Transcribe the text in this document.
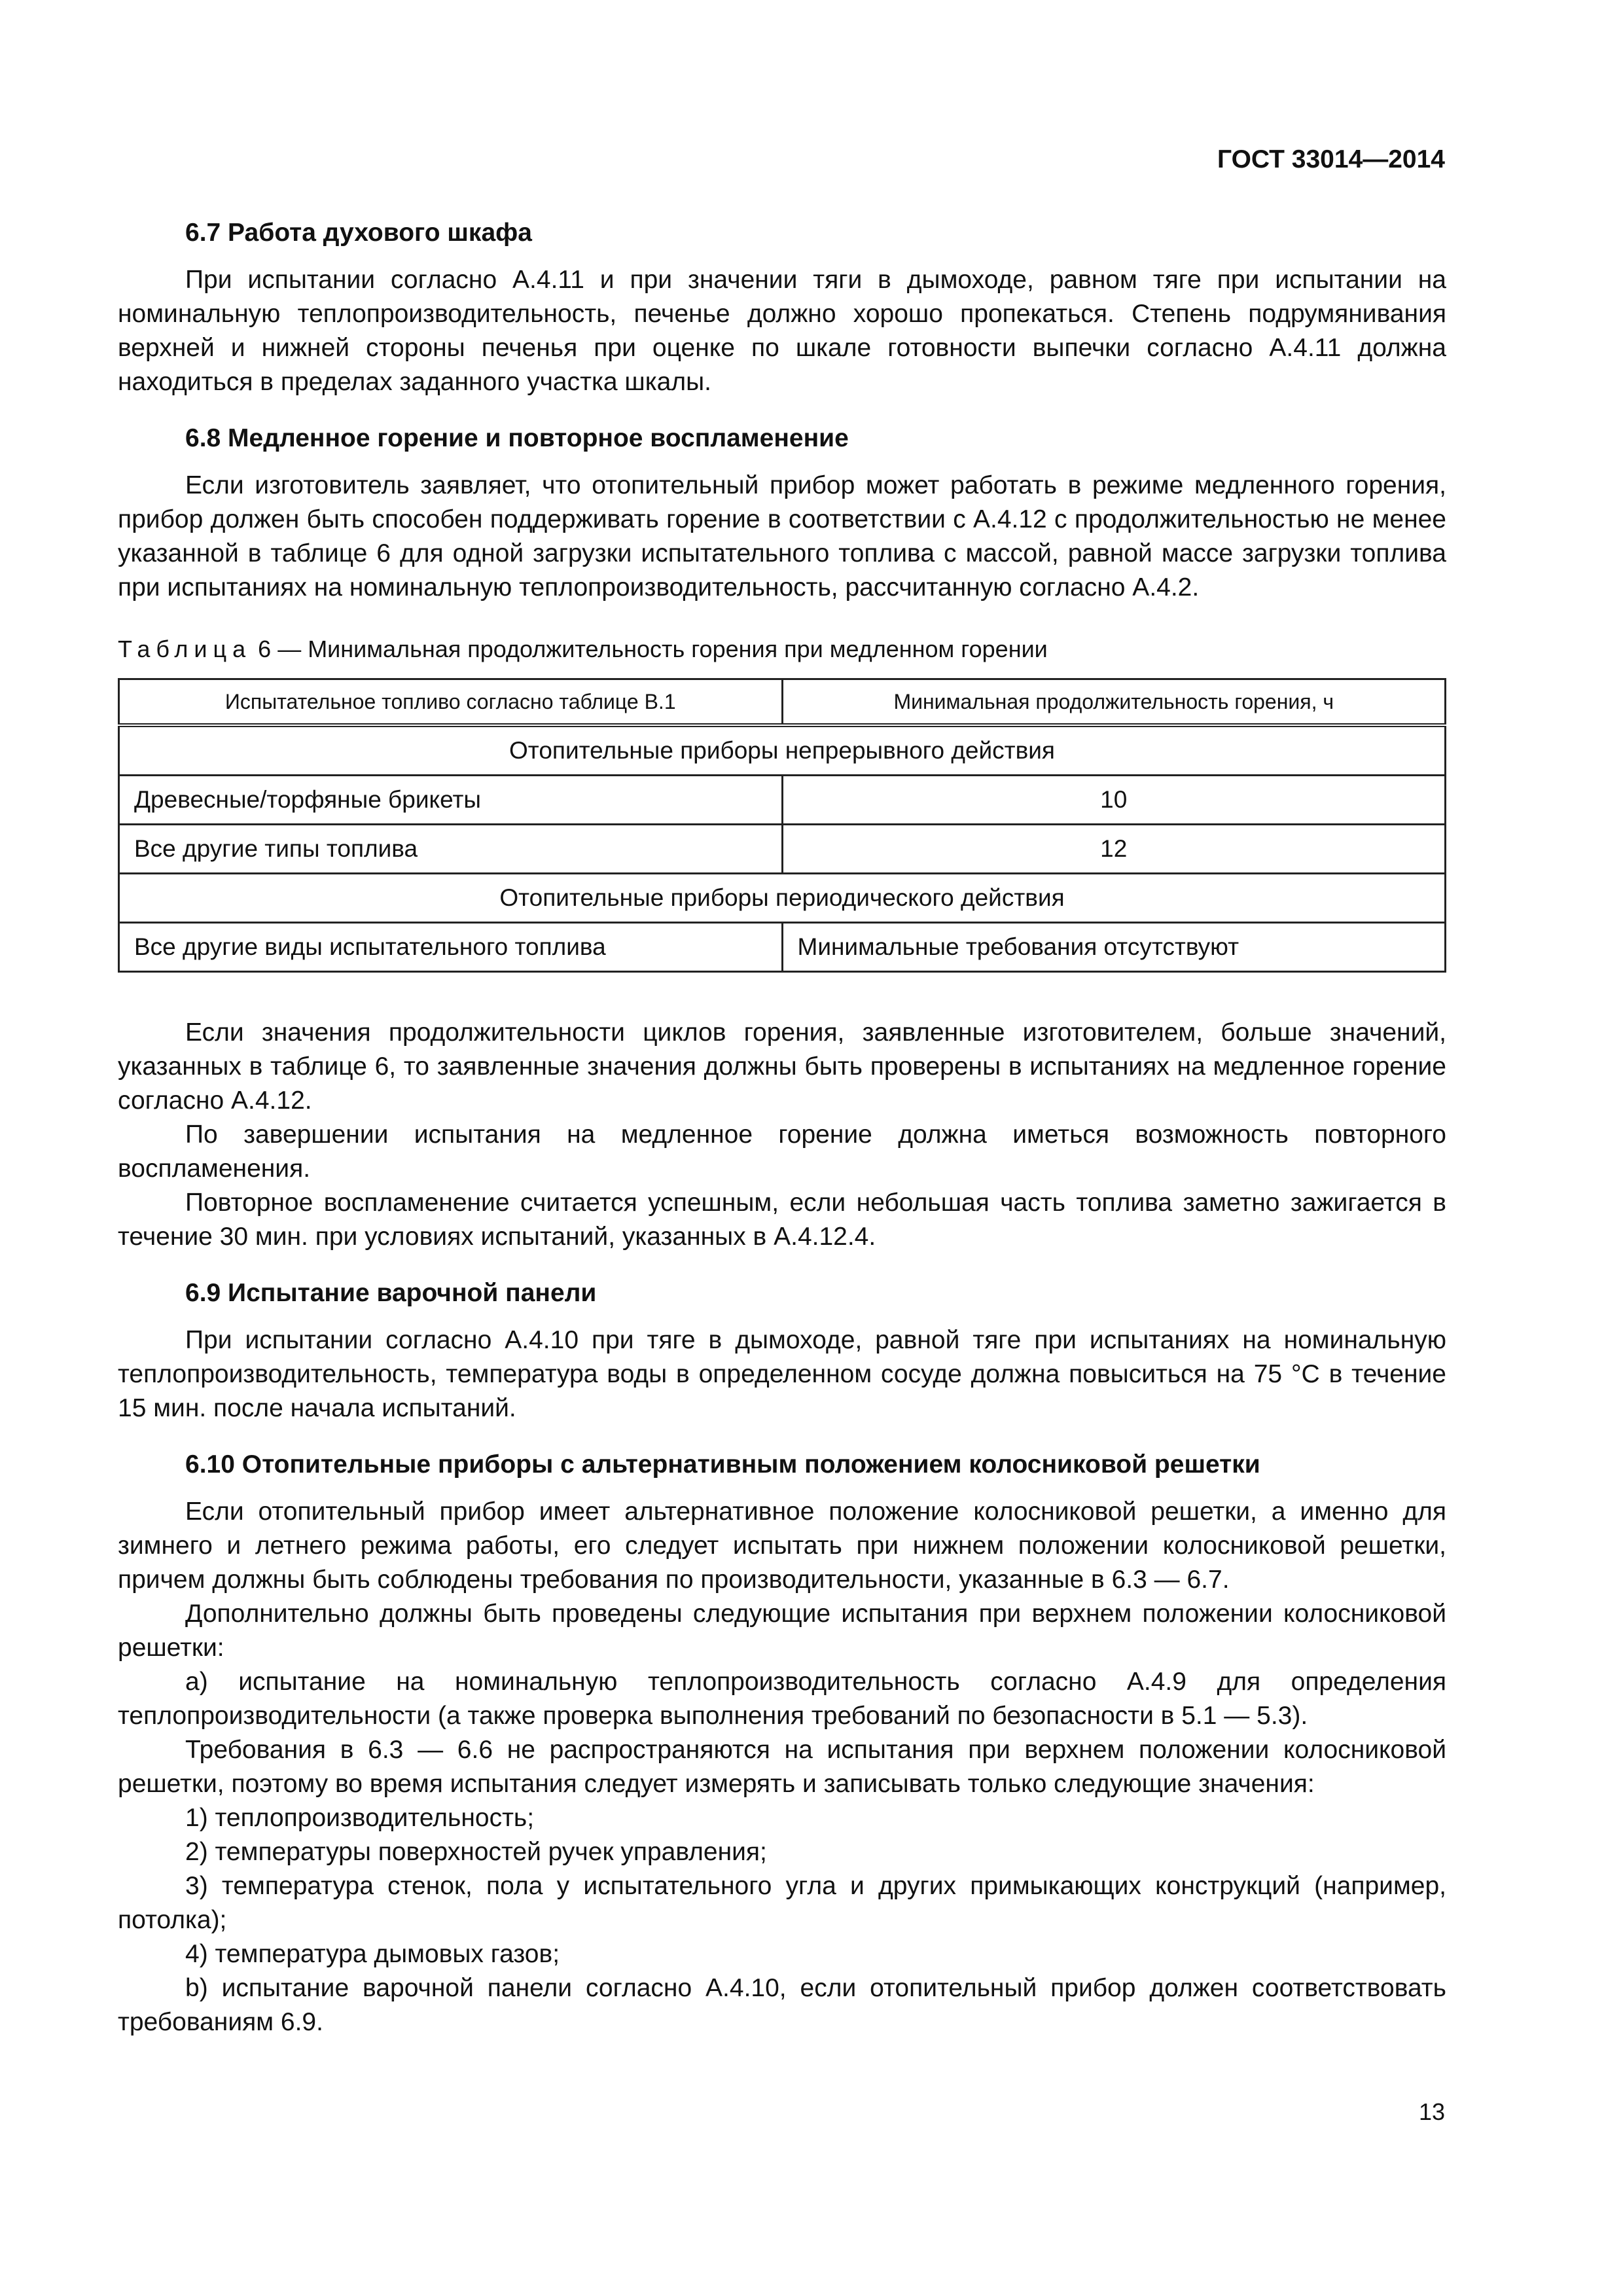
ГОСТ 33014—2014

6.7 Работа духового шкафа

При испытании согласно А.4.11 и при значении тяги в дымоходе, равном тяге при испытании на номинальную теплопроизводительность, печенье должно хорошо пропекаться. Степень подрумянивания верхней и нижней стороны печенья при оценке по шкале готовности выпечки согласно А.4.11 должна находиться в пределах заданного участка шкалы.

6.8 Медленное горение и повторное воспламенение

Если изготовитель заявляет, что отопительный прибор может работать в режиме медленного горения, прибор должен быть способен поддерживать горение в соответствии с А.4.12 с продолжительностью не менее указанной в таблице 6 для одной загрузки испытательного топлива с массой, равной массе загрузки топлива при испытаниях на номинальную теплопроизводительность, рассчитанную согласно А.4.2.

Таблица 6 — Минимальная продолжительность горения при медленном горении

Испытательное топливо согласно таблице В.1	Минимальная продолжительность горения, ч
Отопительные приборы непрерывного действия	
Древесные/торфяные брикеты	10
Все другие типы топлива	12
Отопительные приборы периодического действия	
Все другие виды испытательного топлива	Минимальные требования отсутствуют

Если значения продолжительности циклов горения, заявленные изготовителем, больше значений, указанных в таблице 6, то заявленные значения должны быть проверены в испытаниях на медленное горение согласно А.4.12.

По завершении испытания на медленное горение должна иметься возможность повторного воспламенения.

Повторное воспламенение считается успешным, если небольшая часть топлива заметно зажигается в течение 30 мин. при условиях испытаний, указанных в А.4.12.4.

6.9 Испытание варочной панели

При испытании согласно А.4.10 при тяге в дымоходе, равной тяге при испытаниях на номинальную теплопроизводительность, температура воды в определенном сосуде должна повыситься на 75 °С в течение 15 мин. после начала испытаний.

6.10 Отопительные приборы с альтернативным положением колосниковой решетки

Если отопительный прибор имеет альтернативное положение колосниковой решетки, а именно для зимнего и летнего режима работы, его следует испытать при нижнем положении колосниковой решетки, причем должны быть соблюдены требования по производительности, указанные в 6.3 — 6.7.

Дополнительно должны быть проведены следующие испытания при верхнем положении колосниковой решетки:

а) испытание на номинальную теплопроизводительность согласно А.4.9 для определения теплопроизводительности (а также проверка выполнения требований по безопасности в 5.1 — 5.3).

Требования в 6.3 — 6.6 не распространяются на испытания при верхнем положении колосниковой решетки, поэтому во время испытания следует измерять и записывать только следующие значения:

1) теплопроизводительность;

2) температуры поверхностей ручек управления;

3) температура стенок, пола у испытательного угла и других примыкающих конструкций (например, потолка);

4) температура дымовых газов;

b) испытание варочной панели согласно А.4.10, если отопительный прибор должен соответствовать требованиям 6.9.

13
